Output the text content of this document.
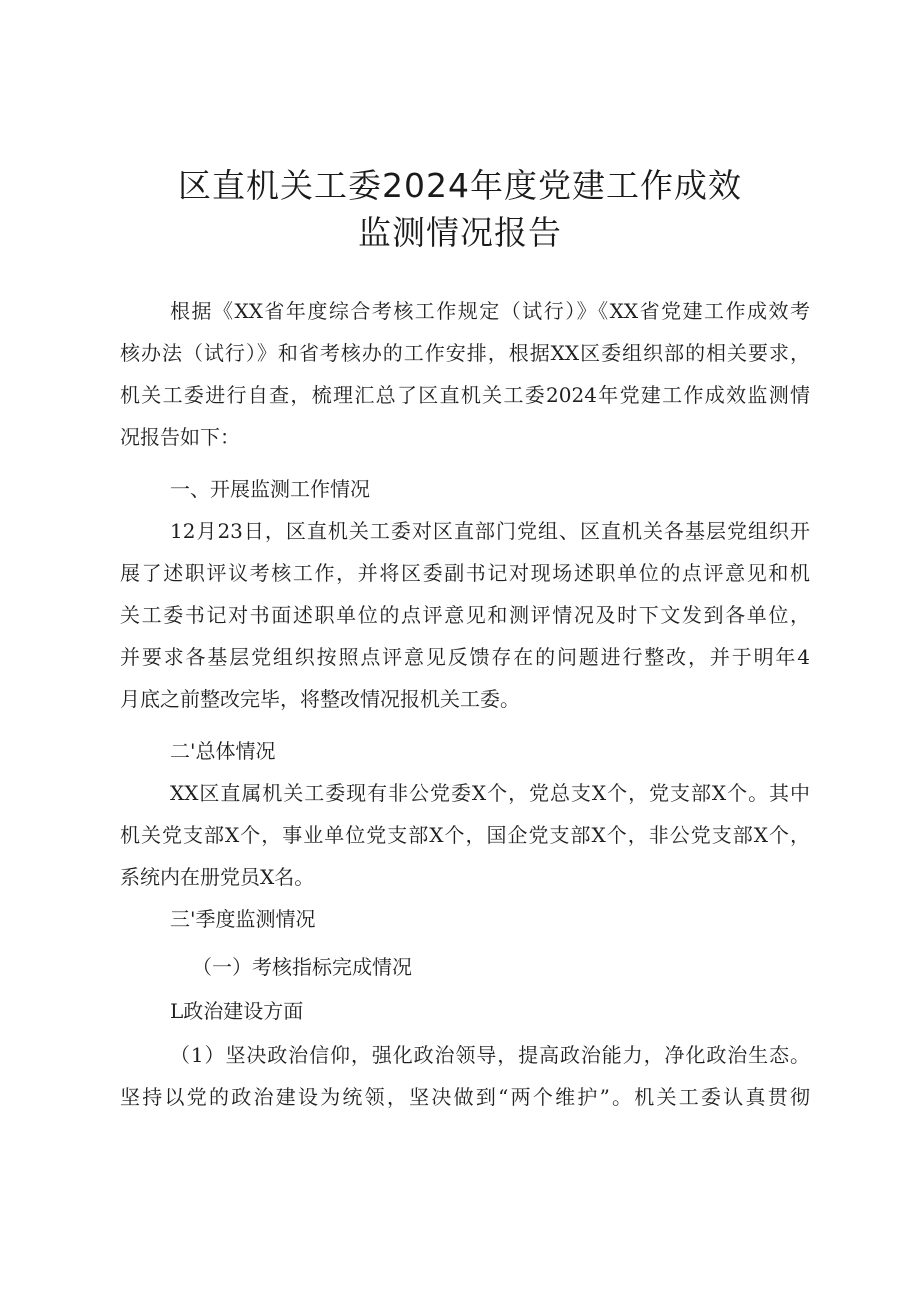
区直机关工委2024年度党建工作成效
监测情况报告
根据《XX省年度综合考核工作规定（试行）》《XX省党建工作成效考
核办法（试行）》和省考核办的工作安排，根据XX区委组织部的相关要求，
机关工委进行自查，梳理汇总了区直机关工委2024年党建工作成效监测情
况报告如下：
一、开展监测工作情况
12月23日，区直机关工委对区直部门党组、区直机关各基层党组织开
展了述职评议考核工作，并将区委副书记对现场述职单位的点评意见和机
关工委书记对书面述职单位的点评意见和测评情况及时下文发到各单位，
并要求各基层党组织按照点评意见反馈存在的问题进行整改，并于明年4
月底之前整改完毕，将整改情况报机关工委。
二'总体情况
XX区直属机关工委现有非公党委X个，党总支X个，党支部X个。其中
机关党支部X个，事业单位党支部X个，国企党支部X个，非公党支部X个，
系统内在册党员X名。
三'季度监测情况
（一）考核指标完成情况
L政治建设方面
（1）坚决政治信仰，强化政治领导，提高政治能力，净化政治生态。
坚持以党的政治建设为统领，坚决做到“两个维护”。机关工委认真贯彻
